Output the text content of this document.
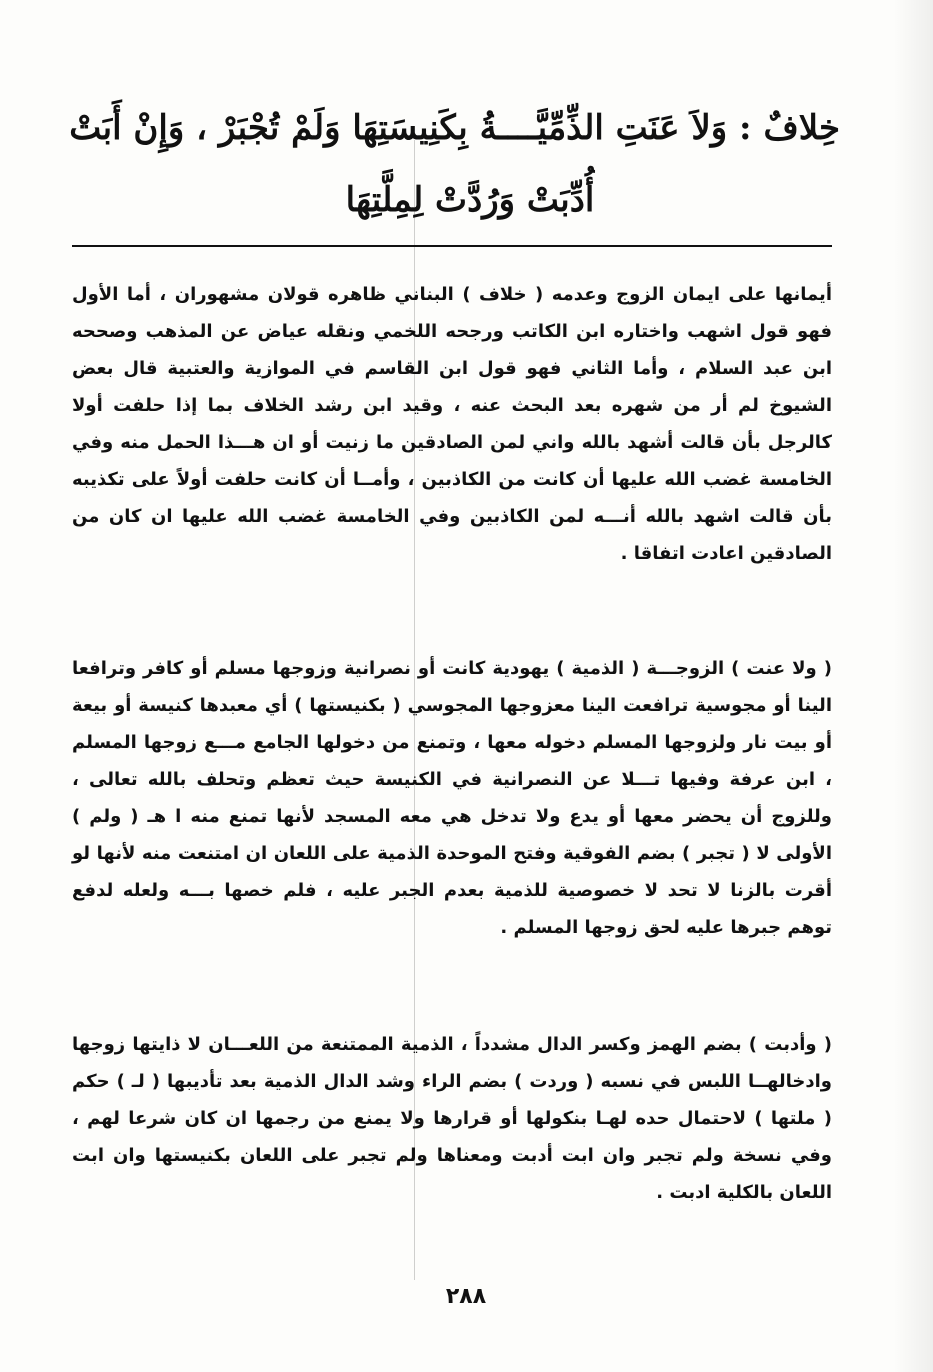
خِلافٌ : وَلاَ عَنَتِ الذِّمِّيَّــــةُ بِكَنِيسَتِهَا وَلَمْ تُجْبَرْ ، وَإِنْ أَبَتْ
أُدِّبَتْ وَرُدَّتْ لِمِلَّتِهَا
أيمانها على ايمان الزوج وعدمه ( خلاف ) البناني ظاهره قولان مشهوران ، أما الأول فهو قول اشهب واختاره ابن الكاتب ورجحه اللخمي ونقله عياض عن المذهب وصححه ابن عبد السلام ، وأما الثاني فهو قول ابن القاسم في الموازية والعتبية قال بعض الشيوخ لم أر من شهره بعد البحث عنه ، وقيد ابن رشد الخلاف بما إذا حلفت أولا كالرجل بأن قالت أشهد بالله واني لمن الصادقين ما زنيت أو ان هـــذا الحمل منه وفي الخامسة غضب الله عليها أن كانت من الكاذبين ، وأمــا أن كانت حلفت أولاً على تكذيبه بأن قالت اشهد بالله أنـــه لمن الكاذبين وفي الخامسة غضب الله عليها ان كان من الصادقين اعادت اتفاقا .
( ولا عنت ) الزوجـــة ( الذمية ) يهودية كانت أو نصرانية وزوجها مسلم أو كافر وترافعا الينا أو مجوسية ترافعت الينا معزوجها المجوسي ( بكنيستها ) أي معبدها كنيسة أو بيعة أو بيت نار ولزوجها المسلم دخوله معها ، وتمنع من دخولها الجامع مـــع زوجها المسلم ، ابن عرفة وفيها تـــلا عن النصرانية في الكنيسة حيث تعظم وتحلف بالله تعالى ، وللزوج أن يحضر معها أو يدع ولا تدخل هي معه المسجد لأنها تمنع منه ا هـ ( ولم ) الأولى لا ( تجبر ) بضم الفوقية وفتح الموحدة الذمية على اللعان ان امتنعت منه لأنها لو أقرت بالزنا لا تحد لا خصوصية للذمية بعدم الجبر عليه ، فلم خصها بـــه ولعله لدفع توهم جبرها عليه لحق زوجها المسلم .
( وأدبت ) بضم الهمز وكسر الدال مشدداً ، الذمية الممتنعة من اللعـــان لا ذايتها زوجها وادخالهــا اللبس في نسبه ( وردت ) بضم الراء وشد الدال الذمية بعد تأديبها ( لـ ) حكم ( ملتها ) لاحتمال حده لهـا بنكولها أو قرارها ولا يمنع من رجمها ان كان شرعا لهم ، وفي نسخة ولم تجبر وان ابت أدبت ومعناها ولم تجبر على اللعان بكنيستها وان ابت اللعان بالكلية ادبت .
٢٨٨
